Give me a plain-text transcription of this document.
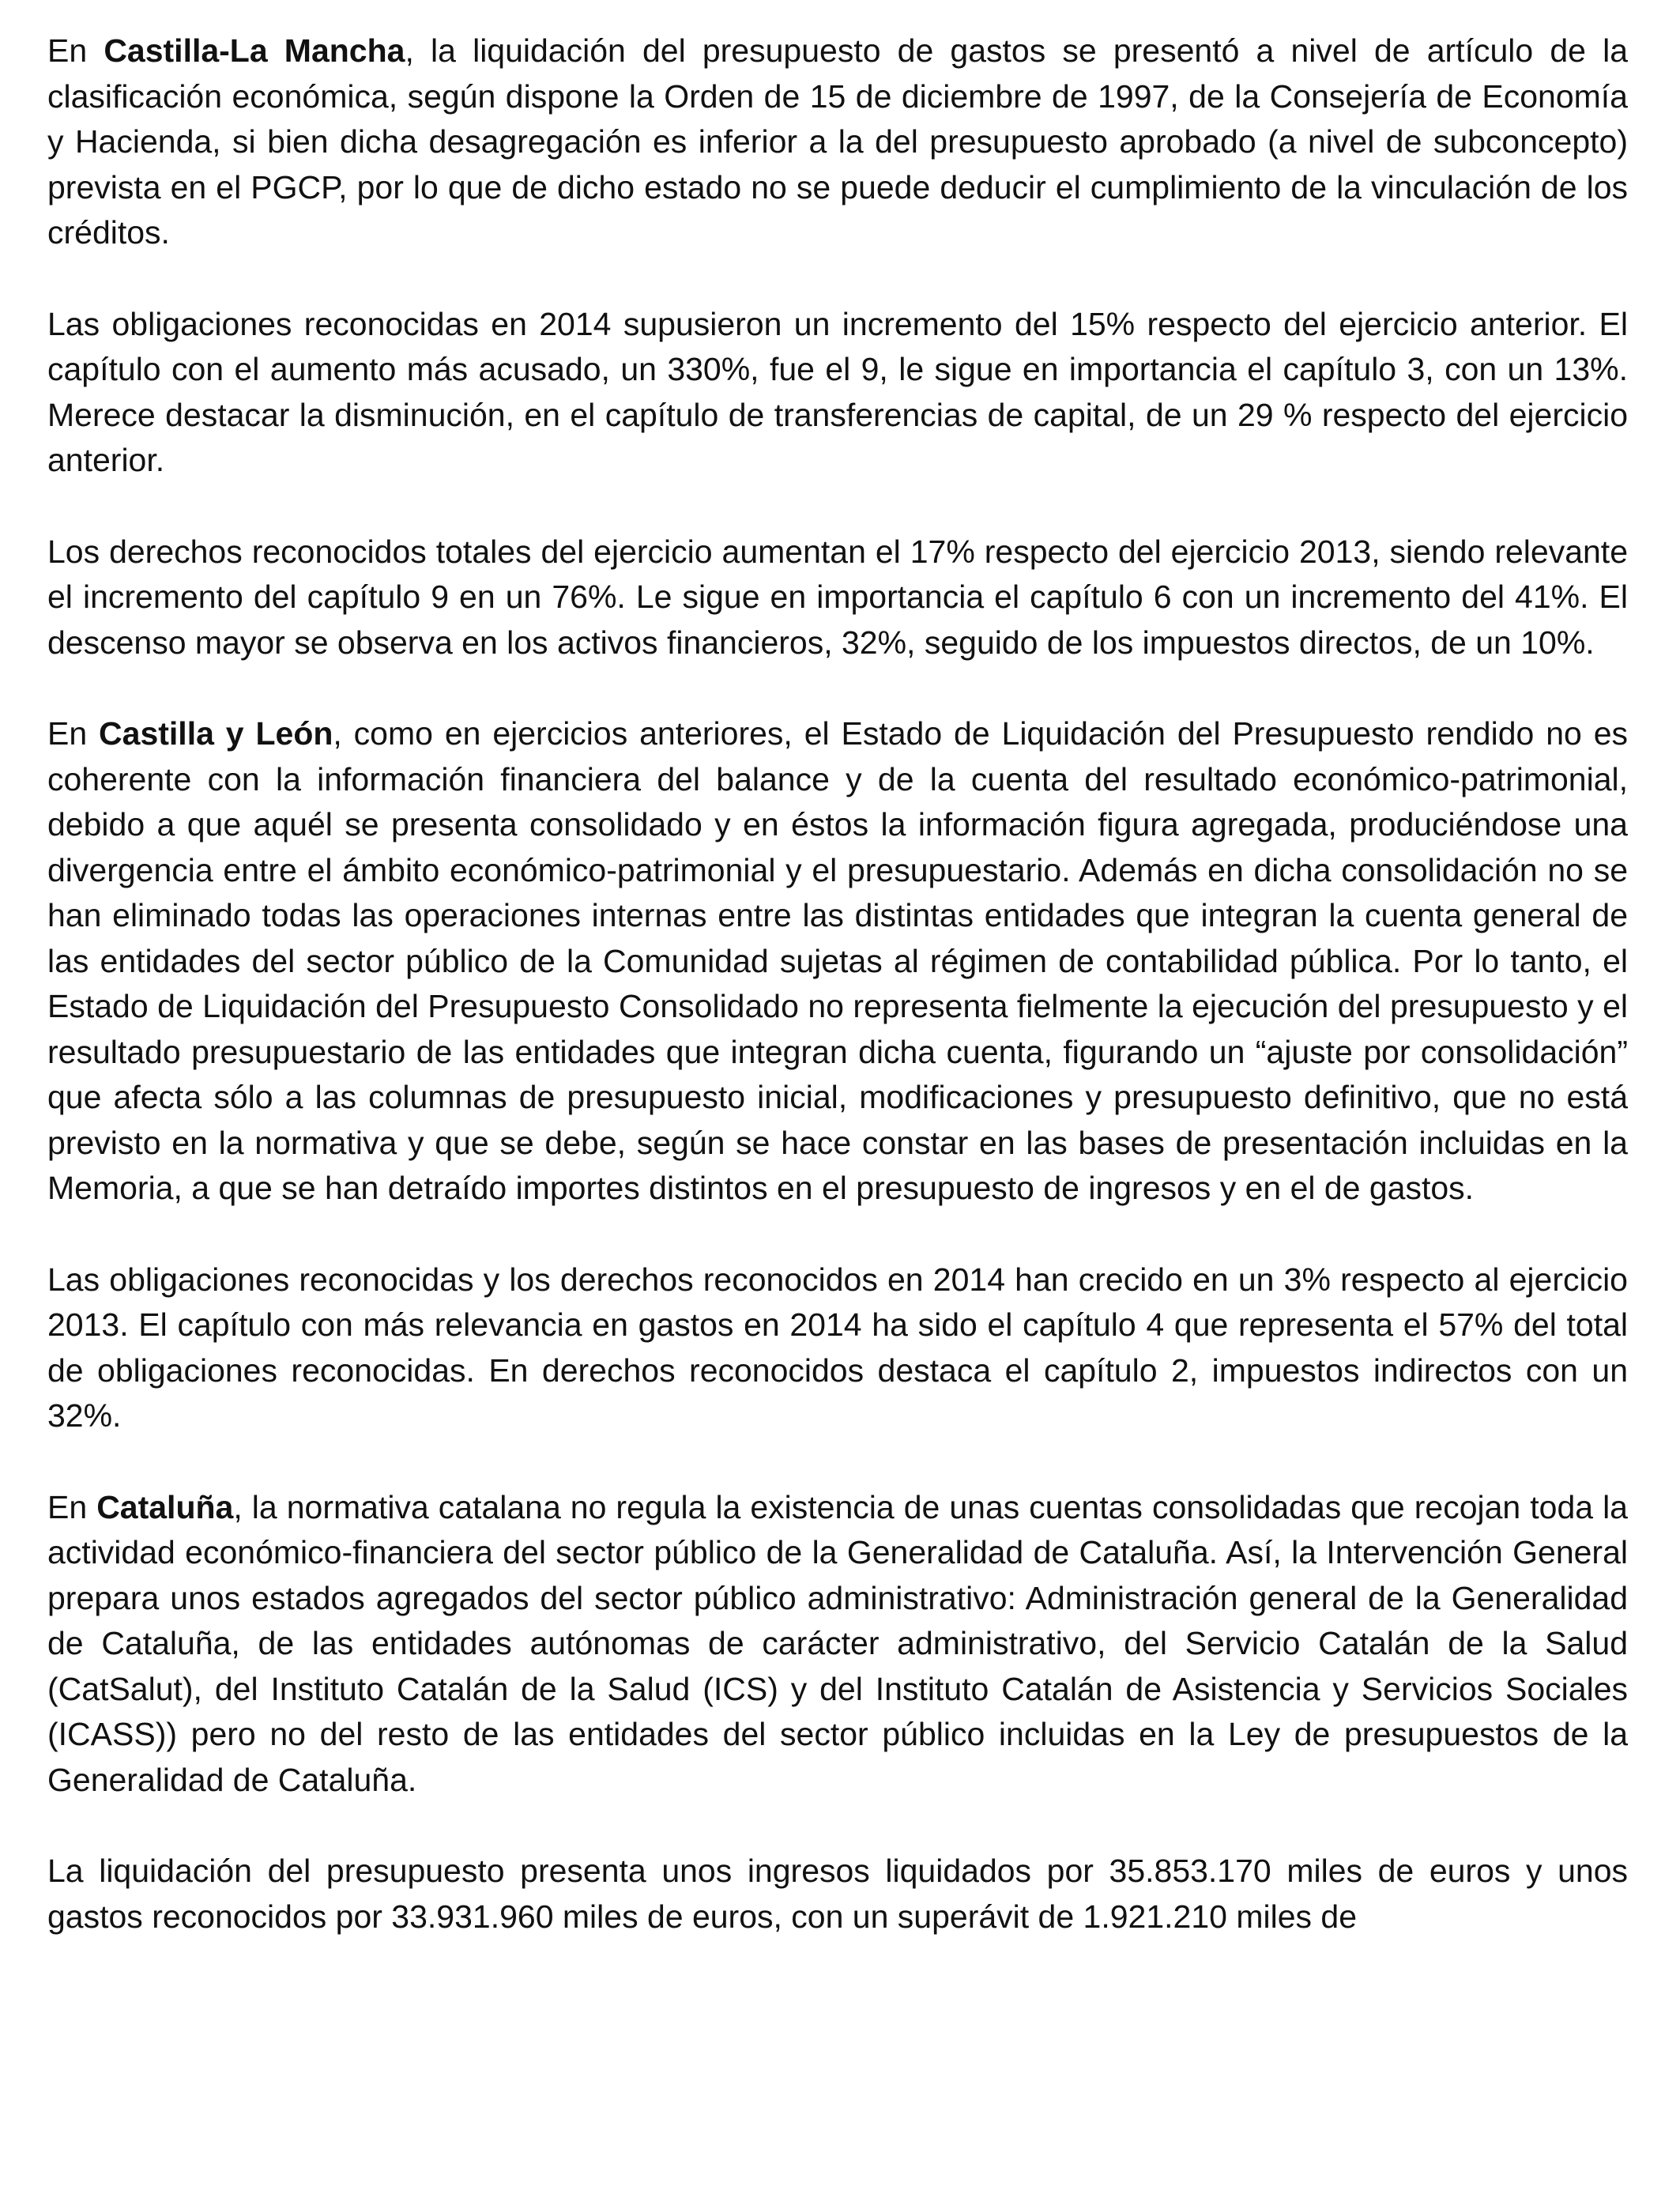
En Castilla-La Mancha, la liquidación del presupuesto de gastos se presentó a nivel de artículo de la clasificación económica, según dispone la Orden de 15 de diciembre de 1997, de la Consejería de Economía y Hacienda, si bien dicha desagregación es inferior a la del presupuesto aprobado (a nivel de subconcepto) prevista en el PGCP, por lo que de dicho estado no se puede deducir el cumplimiento de la vinculación de los créditos.

Las obligaciones reconocidas en 2014 supusieron un incremento del 15% respecto del ejercicio anterior. El capítulo con el aumento más acusado, un 330%, fue el 9, le sigue en importancia el capítulo 3, con un 13%. Merece destacar la disminución, en el capítulo de transferencias de capital, de un 29 % respecto del ejercicio anterior.

Los derechos reconocidos totales del ejercicio aumentan el 17% respecto del ejercicio 2013, siendo relevante el incremento del capítulo 9 en un 76%. Le sigue en importancia el capítulo 6 con un incremento del 41%. El descenso mayor se observa en los activos financieros, 32%, seguido de los impuestos directos, de un 10%.

En Castilla y León, como en ejercicios anteriores, el Estado de Liquidación del Presupuesto rendido no es coherente con la información financiera del balance y de la cuenta del resultado económico-patrimonial, debido a que aquél se presenta consolidado y en éstos la información figura agregada, produciéndose una divergencia entre el ámbito económico-patrimonial y el presupuestario. Además en dicha consolidación no se han eliminado todas las operaciones internas entre las distintas entidades que integran la cuenta general de las entidades del sector público de la Comunidad sujetas al régimen de contabilidad pública. Por lo tanto, el Estado de Liquidación del Presupuesto Consolidado no representa fielmente la ejecución del presupuesto y el resultado presupuestario de las entidades que integran dicha cuenta, figurando un “ajuste por consolidación” que afecta sólo a las columnas de presupuesto inicial, modificaciones y presupuesto definitivo, que no está previsto en la normativa y que se debe, según se hace constar en las bases de presentación incluidas en la Memoria, a que se han detraído importes distintos en el presupuesto de ingresos y en el de gastos.

Las obligaciones reconocidas y los derechos reconocidos en 2014 han crecido en un 3% respecto al ejercicio 2013. El capítulo con más relevancia en gastos en 2014 ha sido el capítulo 4 que representa el 57% del total de obligaciones reconocidas. En derechos reconocidos destaca el capítulo 2, impuestos indirectos con un 32%.

En Cataluña, la normativa catalana no regula la existencia de unas cuentas consolidadas que recojan toda la actividad económico-financiera del sector público de la Generalidad de Cataluña. Así, la Intervención General prepara unos estados agregados del sector público administrativo: Administración general de la Generalidad de Cataluña, de las entidades autónomas de carácter administrativo, del Servicio Catalán de la Salud (CatSalut), del Instituto Catalán de la Salud (ICS) y del Instituto Catalán de Asistencia y Servicios Sociales (ICASS)) pero no del resto de las entidades del sector público incluidas en la Ley de presupuestos de la Generalidad de Cataluña.

La liquidación del presupuesto presenta unos ingresos liquidados por 35.853.170 miles de euros y unos gastos reconocidos por 33.931.960 miles de euros, con un superávit de 1.921.210 miles de
